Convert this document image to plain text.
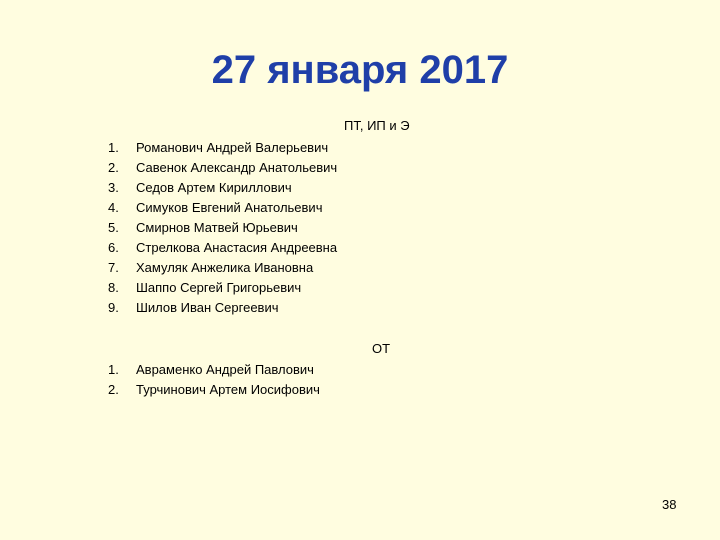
27 января 2017
ПТ, ИП и Э
1.	Романович Андрей Валерьевич
2.	Савенок Александр Анатольевич
3.	Седов Артем Кириллович
4.	Симуков Евгений Анатольевич
5.	Смирнов Матвей Юрьевич
6.	Стрелкова Анастасия Андреевна
7.	Хамуляк Анжелика Ивановна
8.	Шаппо Сергей Григорьевич
9.	Шилов Иван Сергеевич
ОТ
1.	Авраменко Андрей Павлович
2.	Турчинович Артем Иосифович
38
